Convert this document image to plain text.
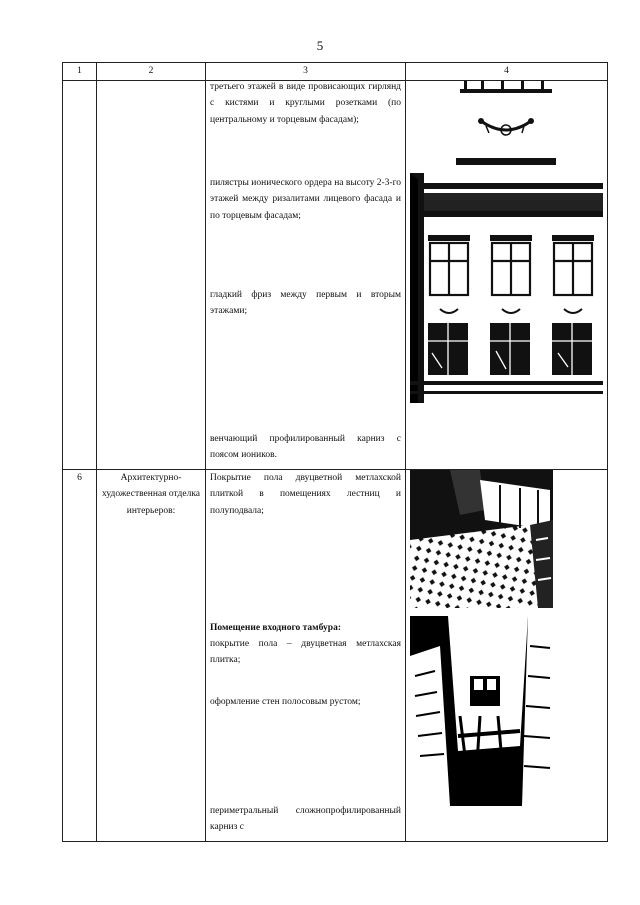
5
1	2	3	4

		третьего этажей в виде провисающих гирлянд с кистями и круглыми розетками (по центральному и торцевым фасадам);
пилястры ионического ордера на высоту 2-3-го этажей между ризалитами лицевого фасада и по торцевым фасадам;
гладкий фриз между первым и вторым этажами;
венчающий профилированный карниз с поясом иоников.

6	Архитектурно-художественная отделка интерьеров:	Покрытие пола двуцветной метлахской плиткой в помещениях лестниц и полуподвала;
Помещение входного тамбура:
покрытие пола – двуцветная метлахская плитка;
оформление стен полосовым рустом;
периметральный сложнопрофилированный карниз с
